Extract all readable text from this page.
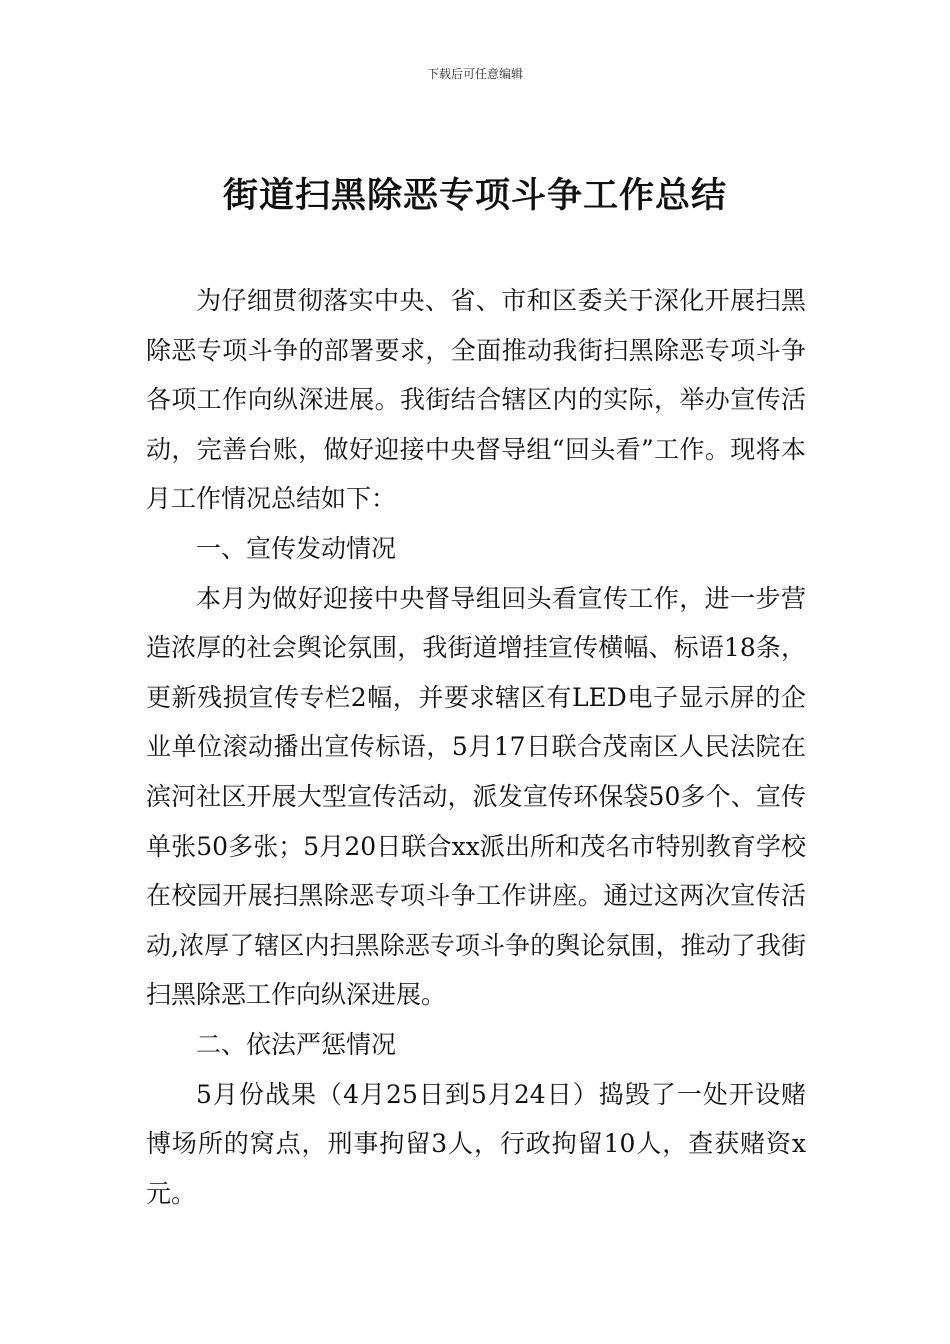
下载后可任意编辑
街道扫黑除恶专项斗争工作总结

为仔细贯彻落实中央、省、市和区委关于深化开展扫黑除恶专项斗争的部署要求，全面推动我街扫黑除恶专项斗争各项工作向纵深进展。我街结合辖区内的实际，举办宣传活动，完善台账，做好迎接中央督导组“回头看”工作。现将本月工作情况总结如下：

一、宣传发动情况

本月为做好迎接中央督导组回头看宣传工作，进一步营造浓厚的社会舆论氛围，我街道增挂宣传横幅、标语18条，更新残损宣传专栏2幅，并要求辖区有LED电子显示屏的企业单位滚动播出宣传标语，5月17日联合茂南区人民法院在滨河社区开展大型宣传活动，派发宣传环保袋50多个、宣传单张50多张；5月20日联合xx派出所和茂名市特别教育学校在校园开展扫黑除恶专项斗争工作讲座。通过这两次宣传活动,浓厚了辖区内扫黑除恶专项斗争的舆论氛围，推动了我街扫黑除恶工作向纵深进展。

二、依法严惩情况

5月份战果（4月25日到5月24日）捣毁了一处开设赌博场所的窝点，刑事拘留3人，行政拘留10人，查获赌资x元。
